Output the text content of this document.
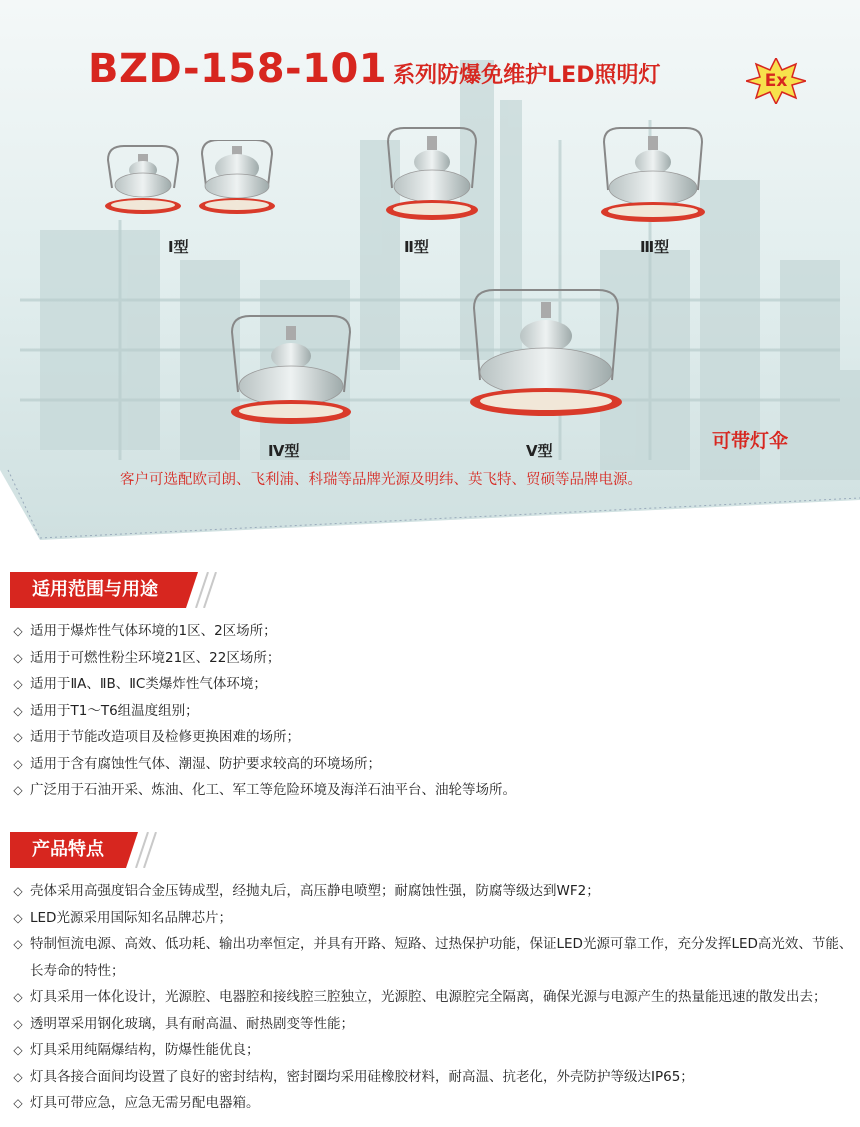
BZD-158-101 系列防爆免维护LED照明灯	Ex
Ⅰ型	Ⅱ型	Ⅲ型
Ⅳ型	Ⅴ型	可带灯伞
客户可选配欧司朗、飞利浦、科瑞等品牌光源及明纬、英飞特、贸硕等品牌电源。
适用范围与用途
◇ 适用于爆炸性气体环境的1区、2区场所；
◇ 适用于可燃性粉尘环境21区、22区场所；
◇ 适用于ⅡA、ⅡB、ⅡC类爆炸性气体环境；
◇ 适用于T1～T6组温度组别；
◇ 适用于节能改造项目及检修更换困难的场所；
◇ 适用于含有腐蚀性气体、潮湿、防护要求较高的环境场所；
◇ 广泛用于石油开采、炼油、化工、军工等危险环境及海洋石油平台、油轮等场所。
产品特点
◇ 壳体采用高强度铝合金压铸成型，经抛丸后，高压静电喷塑；耐腐蚀性强，防腐等级达到WF2；
◇ LED光源采用国际知名品牌芯片；
◇ 特制恒流电源、高效、低功耗、输出功率恒定，并具有开路、短路、过热保护功能，保证LED光源可靠工作，充分发挥LED高光效、节能、长寿命的特性；
◇ 灯具采用一体化设计，光源腔、电器腔和接线腔三腔独立，光源腔、电源腔完全隔离，确保光源与电源产生的热量能迅速的散发出去；
◇ 透明罩采用钢化玻璃，具有耐高温、耐热剧变等性能；
◇ 灯具采用纯隔爆结构，防爆性能优良；
◇ 灯具各接合面间均设置了良好的密封结构，密封圈均采用硅橡胶材料，耐高温、抗老化，外壳防护等级达IP65；
◇ 灯具可带应急，应急无需另配电器箱。
